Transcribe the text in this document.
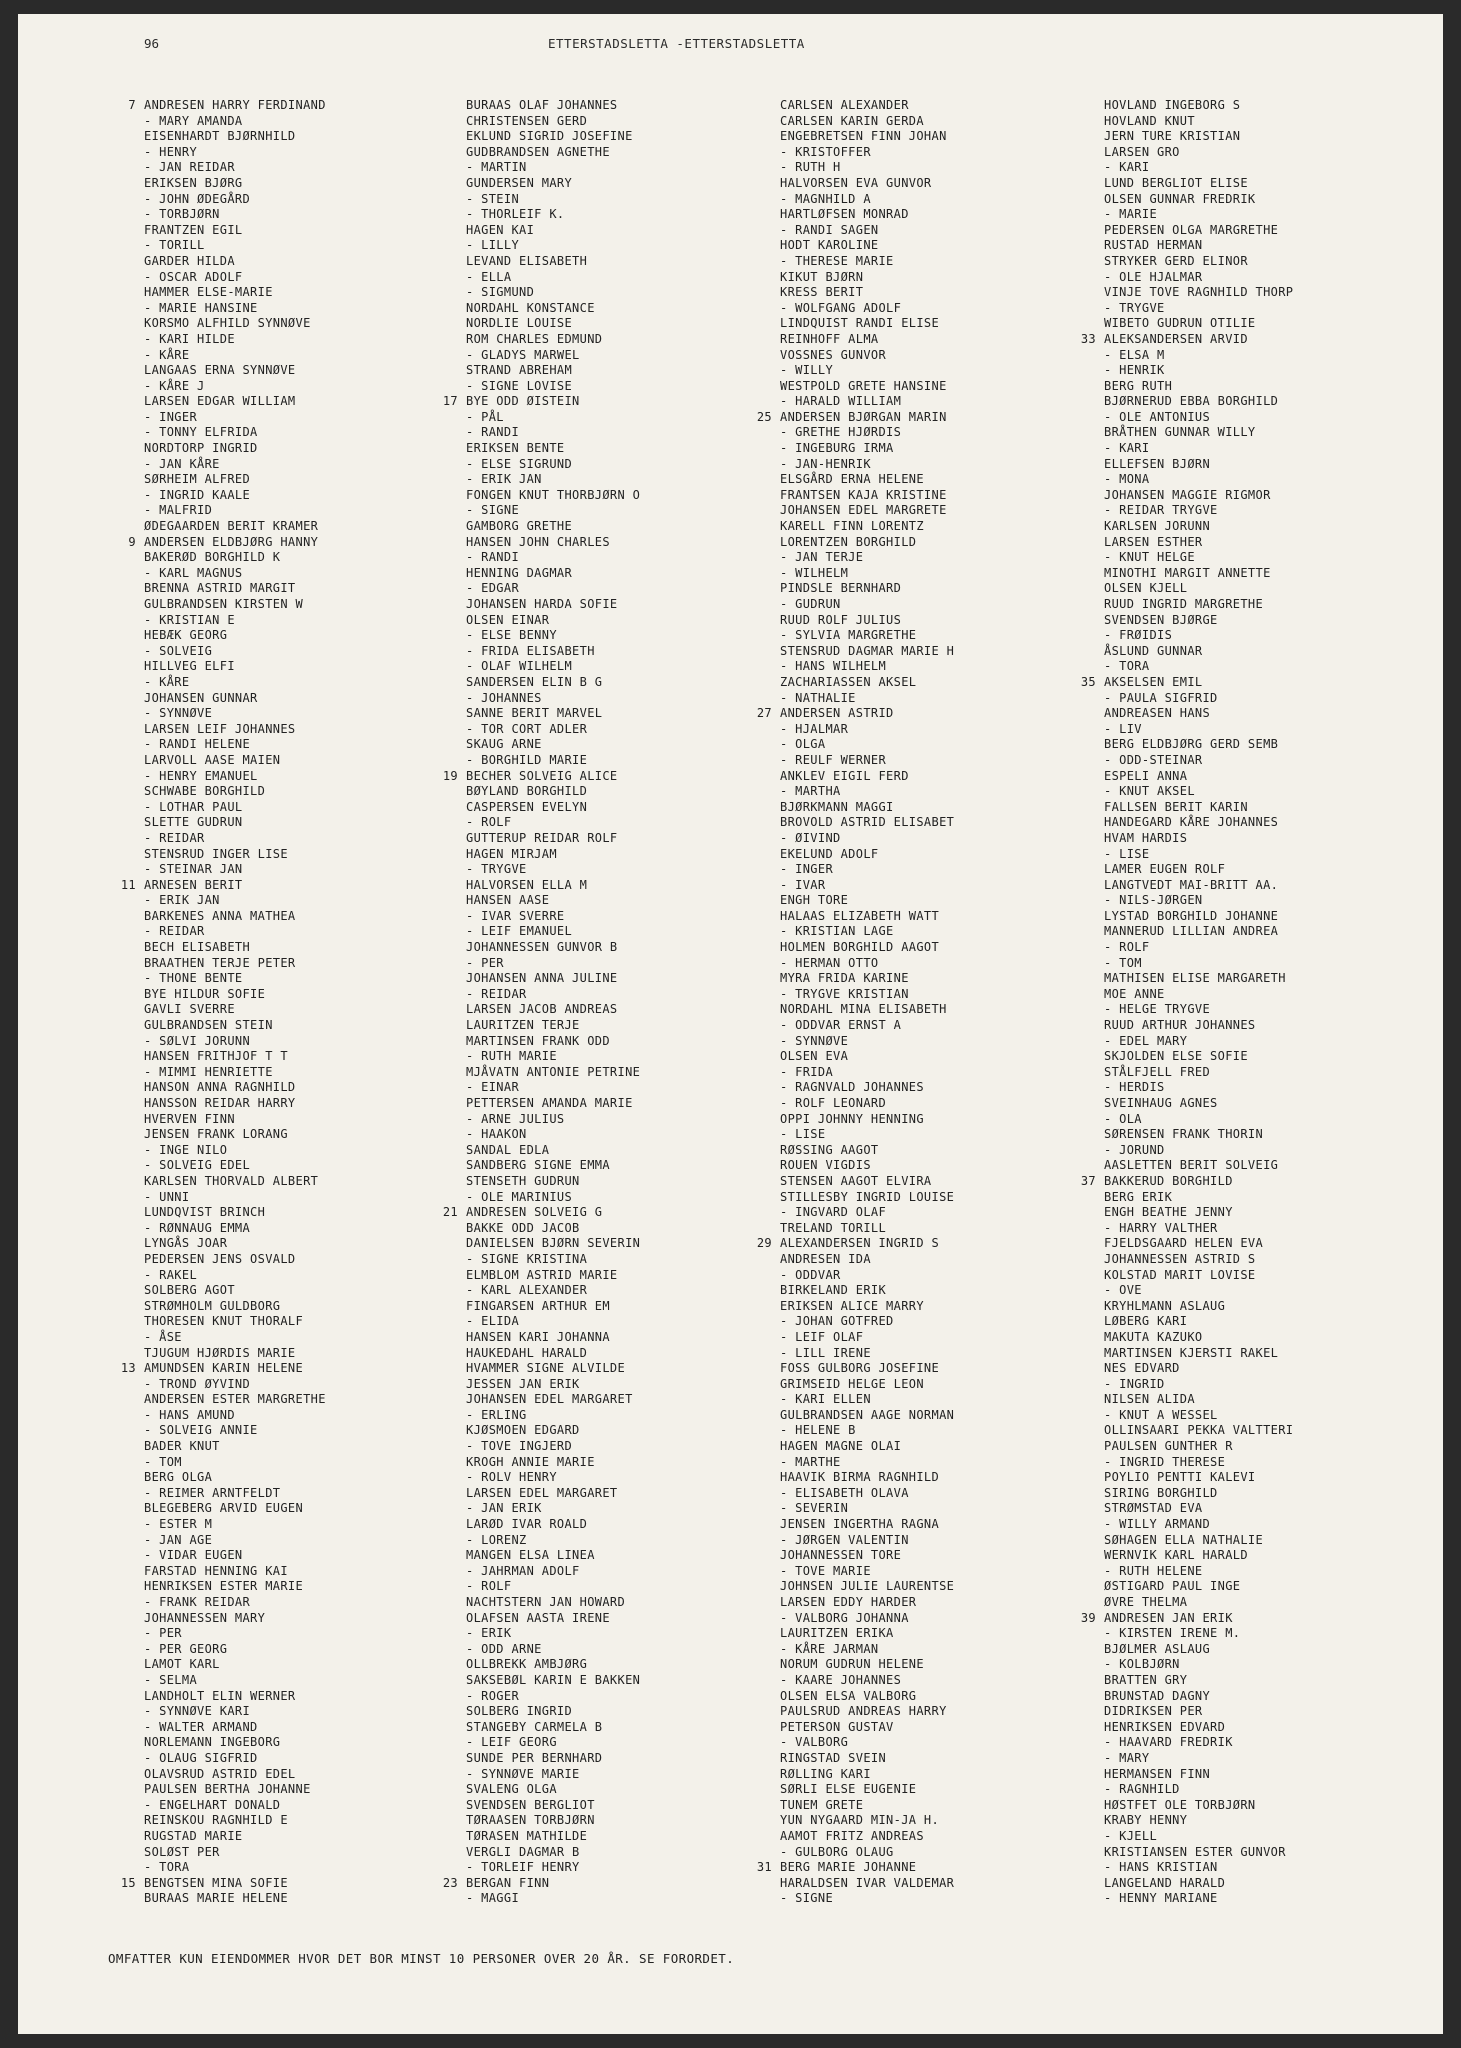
96	ETTERSTADSLETTA -ETTERSTADSLETTA
7 ANDRESEN HARRY FERDINAND
- MARY AMANDA
EISENHARDT BJØRNHILD
- HENRY
- JAN REIDAR
ERIKSEN BJØRG
- JOHN ØDEGÅRD
- TORBJØRN
FRANTZEN EGIL
- TORILL
GARDER HILDA
- OSCAR ADOLF
HAMMER ELSE-MARIE
- MARIE HANSINE
KORSMO ALFHILD SYNNØVE
- KARI HILDE
- KÅRE
LANGAAS ERNA SYNNØVE
- KÅRE J
LARSEN EDGAR WILLIAM
- INGER
- TONNY ELFRIDA
NORDTORP INGRID
- JAN KÅRE
SØRHEIM ALFRED
- INGRID KAALE
- MALFRID
ØDEGAARDEN BERIT KRAMER
9 ANDERSEN ELDBJØRG HANNY
BAKERØD BORGHILD K
- KARL MAGNUS
BRENNA ASTRID MARGIT
GULBRANDSEN KIRSTEN W
- KRISTIAN E
HEBÆK GEORG
- SOLVEIG
HILLVEG ELFI
- KÅRE
JOHANSEN GUNNAR
- SYNNØVE
LARSEN LEIF JOHANNES
- RANDI HELENE
LARVOLL AASE MAIEN
- HENRY EMANUEL
SCHWABE BORGHILD
- LOTHAR PAUL
SLETTE GUDRUN
- REIDAR
STENSRUD INGER LISE
- STEINAR JAN
11 ARNESEN BERIT
- ERIK JAN
BARKENES ANNA MATHEA
- REIDAR
BECH ELISABETH
BRAATHEN TERJE PETER
- THONE BENTE
BYE HILDUR SOFIE
GAVLI SVERRE
GULBRANDSEN STEIN
- SØLVI JORUNN
HANSEN FRITHJOF T T
- MIMMI HENRIETTE
HANSON ANNA RAGNHILD
HANSSON REIDAR HARRY
HVERVEN FINN
JENSEN FRANK LORANG
- INGE NILO
- SOLVEIG EDEL
KARLSEN THORVALD ALBERT
- UNNI
LUNDQVIST BRINCH
- RØNNAUG EMMA
LYNGÅS JOAR
PEDERSEN JENS OSVALD
- RAKEL
SOLBERG AGOT
STRØMHOLM GULDBORG
THORESEN KNUT THORALF
- ÅSE
TJUGUM HJØRDIS MARIE
13 AMUNDSEN KARIN HELENE
- TROND ØYVIND
ANDERSEN ESTER MARGRETHE
- HANS AMUND
- SOLVEIG ANNIE
BADER KNUT
- TOM
BERG OLGA
- REIMER ARNTFELDT
BLEGEBERG ARVID EUGEN
- ESTER M
- JAN AGE
- VIDAR EUGEN
FARSTAD HENNING KAI
HENRIKSEN ESTER MARIE
- FRANK REIDAR
JOHANNESSEN MARY
- PER
- PER GEORG
LAMOT KARL
- SELMA
LANDHOLT ELIN WERNER
- SYNNØVE KARI
- WALTER ARMAND
NORLEMANN INGEBORG
- OLAUG SIGFRID
OLAVSRUD ASTRID EDEL
PAULSEN BERTHA JOHANNE
- ENGELHART DONALD
REINSKOU RAGNHILD E
RUGSTAD MARIE
SOLØST PER
- TORA
15 BENGTSEN MINA SOFIE
BURAAS MARIE HELENE
BURAAS OLAF JOHANNES
CHRISTENSEN GERD
EKLUND SIGRID JOSEFINE
GUDBRANDSEN AGNETHE
- MARTIN
GUNDERSEN MARY
- STEIN
- THORLEIF K.
HAGEN KAI
- LILLY
LEVAND ELISABETH
- ELLA
- SIGMUND
NORDAHL KONSTANCE
NORDLIE LOUISE
ROM CHARLES EDMUND
- GLADYS MARWEL
STRAND ABREHAM
- SIGNE LOVISE
17 BYE ODD ØISTEIN
- PÅL
- RANDI
ERIKSEN BENTE
- ELSE SIGRUND
- ERIK JAN
FONGEN KNUT THORBJØRN O
- SIGNE
GAMBORG GRETHE
HANSEN JOHN CHARLES
- RANDI
HENNING DAGMAR
- EDGAR
JOHANSEN HARDA SOFIE
OLSEN EINAR
- ELSE BENNY
- FRIDA ELISABETH
- OLAF WILHELM
SANDERSEN ELIN B G
- JOHANNES
SANNE BERIT MARVEL
- TOR CORT ADLER
SKAUG ARNE
- BORGHILD MARIE
19 BECHER SOLVEIG ALICE
BØYLAND BORGHILD
CASPERSEN EVELYN
- ROLF
GUTTERUP REIDAR ROLF
HAGEN MIRJAM
- TRYGVE
HALVORSEN ELLA M
HANSEN AASE
- IVAR SVERRE
- LEIF EMANUEL
JOHANNESSEN GUNVOR B
- PER
JOHANSEN ANNA JULINE
- REIDAR
LARSEN JACOB ANDREAS
LAURITZEN TERJE
MARTINSEN FRANK ODD
- RUTH MARIE
MJÅVATN ANTONIE PETRINE
- EINAR
PETTERSEN AMANDA MARIE
- ARNE JULIUS
- HAAKON
SANDAL EDLA
SANDBERG SIGNE EMMA
STENSETH GUDRUN
- OLE MARINIUS
21 ANDRESEN SOLVEIG G
BAKKE ODD JACOB
DANIELSEN BJØRN SEVERIN
- SIGNE KRISTINA
ELMBLOM ASTRID MARIE
- KARL ALEXANDER
FINGARSEN ARTHUR EM
- ELIDA
HANSEN KARI JOHANNA
HAUKEDAHL HARALD
HVAMMER SIGNE ALVILDE
JESSEN JAN ERIK
JOHANSEN EDEL MARGARET
- ERLING
KJØSMOEN EDGARD
- TOVE INGJERD
KROGH ANNIE MARIE
- ROLV HENRY
LARSEN EDEL MARGARET
- JAN ERIK
LARØD IVAR ROALD
- LORENZ
MANGEN ELSA LINEA
- JAHRMAN ADOLF
- ROLF
NACHTSTERN JAN HOWARD
OLAFSEN AASTA IRENE
- ERIK
- ODD ARNE
OLLBREKK AMBJØRG
SAKSEBØL KARIN E BAKKEN
- ROGER
SOLBERG INGRID
STANGEBY CARMELA B
- LEIF GEORG
SUNDE PER BERNHARD
- SYNNØVE MARIE
SVALENG OLGA
SVENDSEN BERGLIOT
TØRAASEN TORBJØRN
TØRASEN MATHILDE
VERGLI DAGMAR B
- TORLEIF HENRY
23 BERGAN FINN
- MAGGI
CARLSEN ALEXANDER
CARLSEN KARIN GERDA
ENGEBRETSEN FINN JOHAN
- KRISTOFFER
- RUTH H
HALVORSEN EVA GUNVOR
- MAGNHILD A
HARTLØFSEN MONRAD
- RANDI SAGEN
HODT KAROLINE
- THERESE MARIE
KIKUT BJØRN
KRESS BERIT
- WOLFGANG ADOLF
LINDQUIST RANDI ELISE
REINHOFF ALMA
VOSSNES GUNVOR
- WILLY
WESTPOLD GRETE HANSINE
- HARALD WILLIAM
25 ANDERSEN BJØRGAN MARIN
- GRETHE HJØRDIS
- INGEBURG IRMA
- JAN-HENRIK
ELSGÅRD ERNA HELENE
FRANTSEN KAJA KRISTINE
JOHANSEN EDEL MARGRETE
KARELL FINN LORENTZ
LORENTZEN BORGHILD
- JAN TERJE
- WILHELM
PINDSLE BERNHARD
- GUDRUN
RUUD ROLF JULIUS
- SYLVIA MARGRETHE
STENSRUD DAGMAR MARIE H
- HANS WILHELM
ZACHARIASSEN AKSEL
- NATHALIE
27 ANDERSEN ASTRID
- HJALMAR
- OLGA
- REULF WERNER
ANKLEV EIGIL FERD
- MARTHA
BJØRKMANN MAGGI
BROVOLD ASTRID ELISABET
- ØIVIND
EKELUND ADOLF
- INGER
- IVAR
ENGH TORE
HALAAS ELIZABETH WATT
- KRISTIAN LAGE
HOLMEN BORGHILD AAGOT
- HERMAN OTTO
MYRA FRIDA KARINE
- TRYGVE KRISTIAN
NORDAHL MINA ELISABETH
- ODDVAR ERNST A
- SYNNØVE
OLSEN EVA
- FRIDA
- RAGNVALD JOHANNES
- ROLF LEONARD
OPPI JOHNNY HENNING
- LISE
RØSSING AAGOT
ROUEN VIGDIS
STENSEN AAGOT ELVIRA
STILLESBY INGRID LOUISE
- INGVARD OLAF
TRELAND TORILL
29 ALEXANDERSEN INGRID S
ANDRESEN IDA
- ODDVAR
BIRKELAND ERIK
ERIKSEN ALICE MARRY
- JOHAN GOTFRED
- LEIF OLAF
- LILL IRENE
FOSS GULBORG JOSEFINE
GRIMSEID HELGE LEON
- KARI ELLEN
GULBRANDSEN AAGE NORMAN
- HELENE B
HAGEN MAGNE OLAI
- MARTHE
HAAVIK BIRMA RAGNHILD
- ELISABETH OLAVA
- SEVERIN
JENSEN INGERTHA RAGNA
- JØRGEN VALENTIN
JOHANNESSEN TORE
- TOVE MARIE
JOHNSEN JULIE LAURENTSE
LARSEN EDDY HARDER
- VALBORG JOHANNA
LAURITZEN ERIKA
- KÅRE JARMAN
NORUM GUDRUN HELENE
- KAARE JOHANNES
OLSEN ELSA VALBORG
PAULSRUD ANDREAS HARRY
PETERSON GUSTAV
- VALBORG
RINGSTAD SVEIN
RØLLING KARI
SØRLI ELSE EUGENIE
TUNEM GRETE
YUN NYGAARD MIN-JA H.
AAMOT FRITZ ANDREAS
- GULBORG OLAUG
31 BERG MARIE JOHANNE
HARALDSEN IVAR VALDEMAR
- SIGNE
HOVLAND INGEBORG S
HOVLAND KNUT
JERN TURE KRISTIAN
LARSEN GRO
- KARI
LUND BERGLIOT ELISE
OLSEN GUNNAR FREDRIK
- MARIE
PEDERSEN OLGA MARGRETHE
RUSTAD HERMAN
STRYKER GERD ELINOR
- OLE HJALMAR
VINJE TOVE RAGNHILD THORP
- TRYGVE
WIBETO GUDRUN OTILIE
33 ALEKSANDERSEN ARVID
- ELSA M
- HENRIK
BERG RUTH
BJØRNERUD EBBA BORGHILD
- OLE ANTONIUS
BRÅTHEN GUNNAR WILLY
- KARI
ELLEFSEN BJØRN
- MONA
JOHANSEN MAGGIE RIGMOR
- REIDAR TRYGVE
KARLSEN JORUNN
LARSEN ESTHER
- KNUT HELGE
MINOTHI MARGIT ANNETTE
OLSEN KJELL
RUUD INGRID MARGRETHE
SVENDSEN BJØRGE
- FRØIDIS
ÅSLUND GUNNAR
- TORA
35 AKSELSEN EMIL
- PAULA SIGFRID
ANDREASEN HANS
- LIV
BERG ELDBJØRG GERD SEMB
- ODD-STEINAR
ESPELI ANNA
- KNUT AKSEL
FALLSEN BERIT KARIN
HANDEGARD KÅRE JOHANNES
HVAM HARDIS
- LISE
LAMER EUGEN ROLF
LANGTVEDT MAI-BRITT AA.
- NILS-JØRGEN
LYSTAD BORGHILD JOHANNE
MANNERUD LILLIAN ANDREA
- ROLF
- TOM
MATHISEN ELISE MARGARETH
MOE ANNE
- HELGE TRYGVE
RUUD ARTHUR JOHANNES
- EDEL MARY
SKJOLDEN ELSE SOFIE
STÅLFJELL FRED
- HERDIS
SVEINHAUG AGNES
- OLA
SØRENSEN FRANK THORIN
- JORUND
AASLETTEN BERIT SOLVEIG
37 BAKKERUD BORGHILD
BERG ERIK
ENGH BEATHE JENNY
- HARRY VALTHER
FJELDSGAARD HELEN EVA
JOHANNESSEN ASTRID S
KOLSTAD MARIT LOVISE
- OVE
KRYHLMANN ASLAUG
LØBERG KARI
MAKUTA KAZUKO
MARTINSEN KJERSTI RAKEL
NES EDVARD
- INGRID
NILSEN ALIDA
- KNUT A WESSEL
OLLINSAARI PEKKA VALTTERI
PAULSEN GUNTHER R
- INGRID THERESE
POYLIO PENTTI KALEVI
SIRING BORGHILD
STRØMSTAD EVA
- WILLY ARMAND
SØHAGEN ELLA NATHALIE
WERNVIK KARL HARALD
- RUTH HELENE
ØSTIGARD PAUL INGE
ØVRE THELMA
39 ANDRESEN JAN ERIK
- KIRSTEN IRENE M.
BJØLMER ASLAUG
- KOLBJØRN
BRATTEN GRY
BRUNSTAD DAGNY
DIDRIKSEN PER
HENRIKSEN EDVARD
- HAAVARD FREDRIK
- MARY
HERMANSEN FINN
- RAGNHILD
HØSTFET OLE TORBJØRN
KRABY HENNY
- KJELL
KRISTIANSEN ESTER GUNVOR
- HANS KRISTIAN
LANGELAND HARALD
- HENNY MARIANE
OMFATTER KUN EIENDOMMER HVOR DET BOR MINST 10 PERSONER OVER 20 ÅR. SE FORORDET.
